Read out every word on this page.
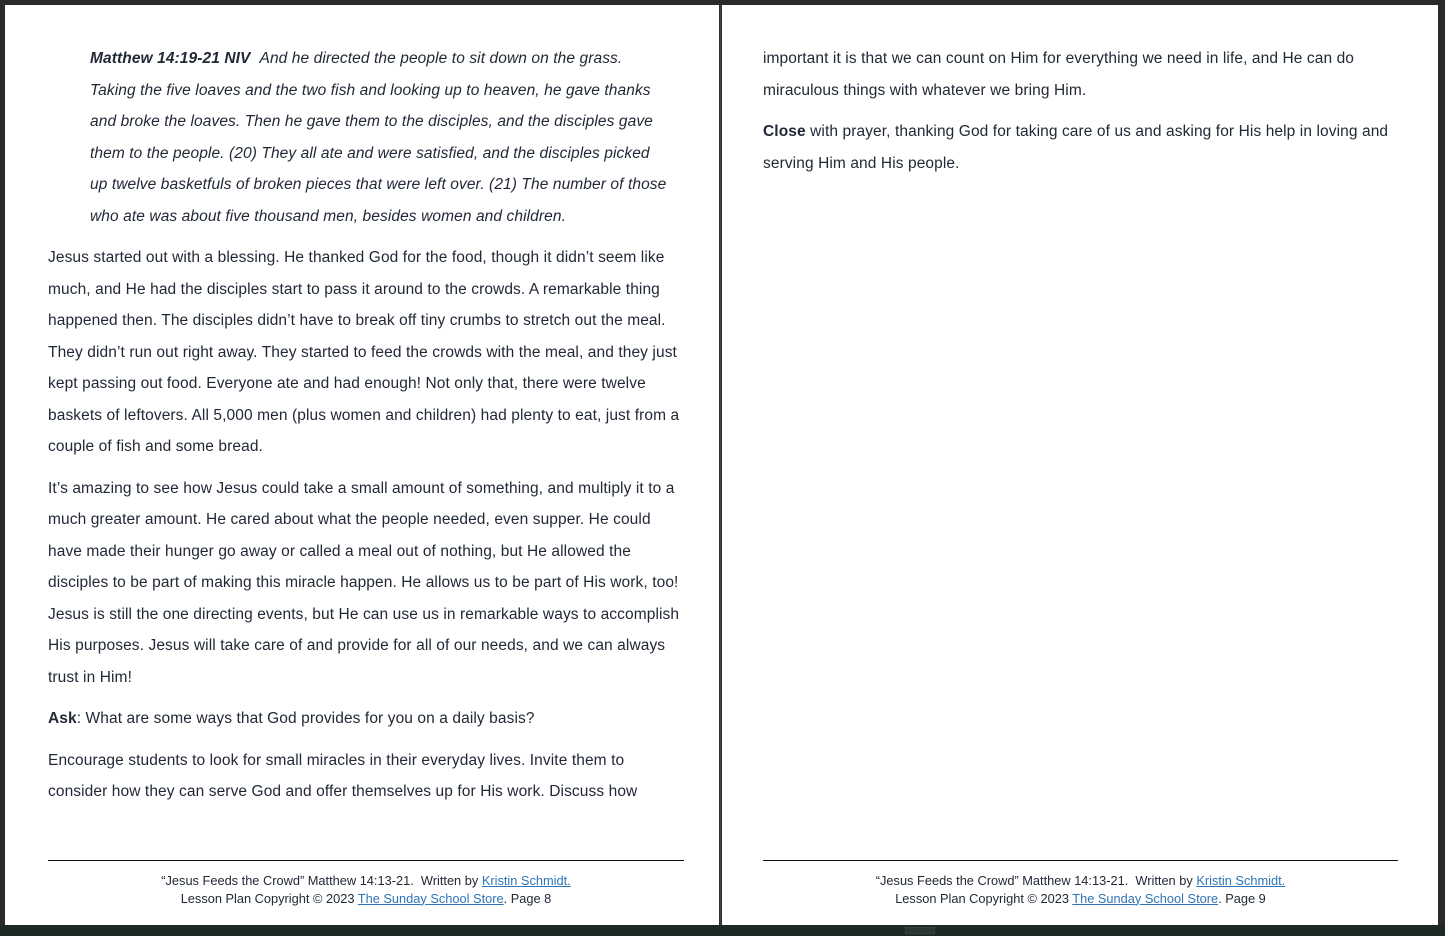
Matthew 14:19-21 NIV And he directed the people to sit down on the grass. Taking the five loaves and the two fish and looking up to heaven, he gave thanks and broke the loaves. Then he gave them to the disciples, and the disciples gave them to the people. (20) They all ate and were satisfied, and the disciples picked up twelve basketfuls of broken pieces that were left over. (21) The number of those who ate was about five thousand men, besides women and children.

Jesus started out with a blessing. He thanked God for the food, though it didn’t seem like much, and He had the disciples start to pass it around to the crowds. A remarkable thing happened then. The disciples didn’t have to break off tiny crumbs to stretch out the meal. They didn’t run out right away. They started to feed the crowds with the meal, and they just kept passing out food. Everyone ate and had enough! Not only that, there were twelve baskets of leftovers. All 5,000 men (plus women and children) had plenty to eat, just from a couple of fish and some bread.

It’s amazing to see how Jesus could take a small amount of something, and multiply it to a much greater amount. He cared about what the people needed, even supper. He could have made their hunger go away or called a meal out of nothing, but He allowed the disciples to be part of making this miracle happen. He allows us to be part of His work, too! Jesus is still the one directing events, but He can use us in remarkable ways to accomplish His purposes. Jesus will take care of and provide for all of our needs, and we can always trust in Him!

Ask: What are some ways that God provides for you on a daily basis?

Encourage students to look for small miracles in their everyday lives. Invite them to consider how they can serve God and offer themselves up for His work. Discuss how

“Jesus Feeds the Crowd” Matthew 14:13-21.  Written by Kristin Schmidt.
Lesson Plan Copyright © 2023 The Sunday School Store. Page 8

important it is that we can count on Him for everything we need in life, and He can do miraculous things with whatever we bring Him.

Close with prayer, thanking God for taking care of us and asking for His help in loving and serving Him and His people.

“Jesus Feeds the Crowd” Matthew 14:13-21.  Written by Kristin Schmidt.
Lesson Plan Copyright © 2023 The Sunday School Store. Page 9
